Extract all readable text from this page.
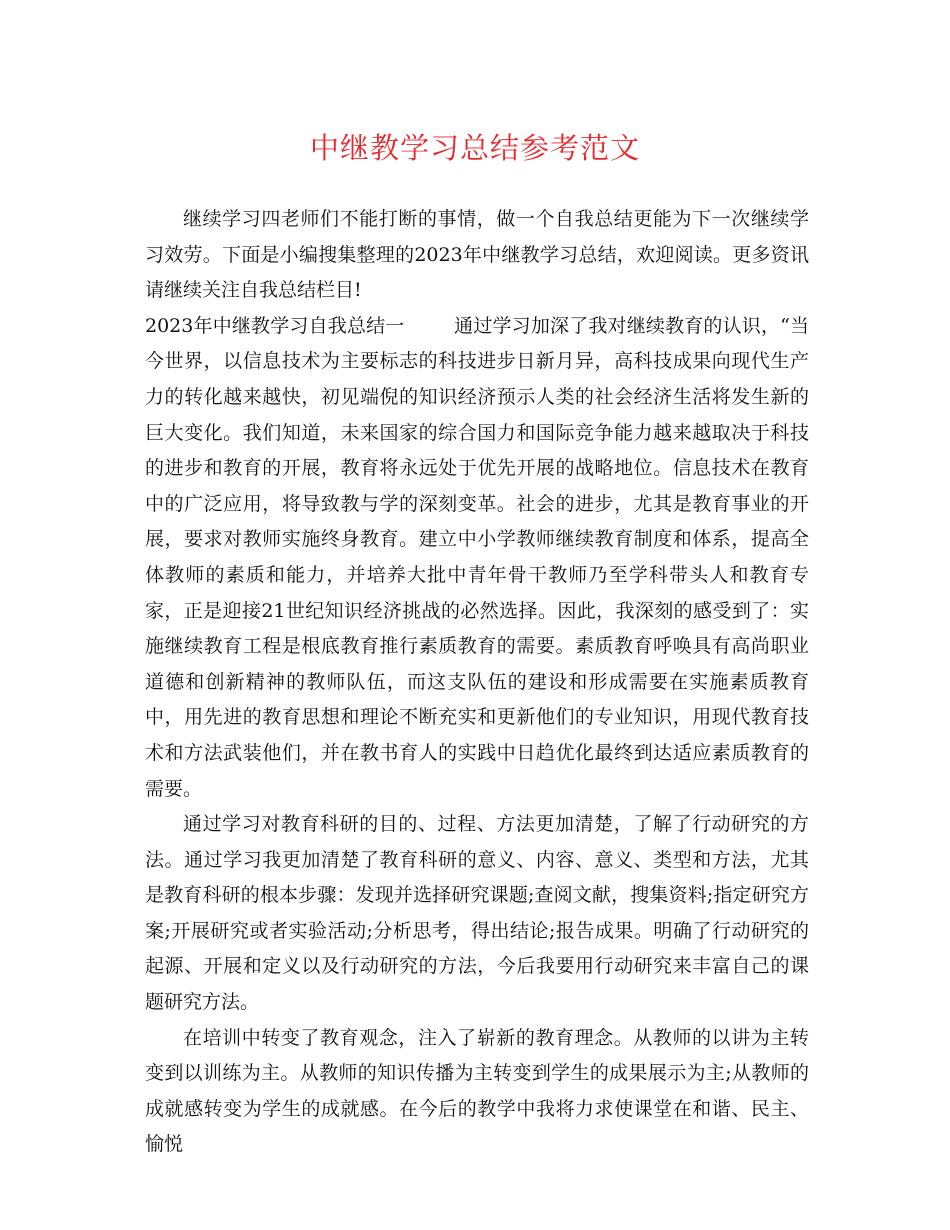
中继教学习总结参考范文

继续学习四老师们不能打断的事情，做一个自我总结更能为下一次继续学习效劳。下面是小编搜集整理的2023年中继教学习总结，欢迎阅读。更多资讯请继续关注自我总结栏目!

2023年中继教学习自我总结一        通过学习加深了我对继续教育的认识，“当今世界，以信息技术为主要标志的科技进步日新月异，高科技成果向现代生产力的转化越来越快，初见端倪的知识经济预示人类的社会经济生活将发生新的巨大变化。我们知道，未来国家的综合国力和国际竞争能力越来越取决于科技的进步和教育的开展，教育将永远处于优先开展的战略地位。信息技术在教育中的广泛应用，将导致教与学的深刻变革。社会的进步，尤其是教育事业的开展，要求对教师实施终身教育。建立中小学教师继续教育制度和体系，提高全体教师的素质和能力，并培养大批中青年骨干教师乃至学科带头人和教育专家，正是迎接21世纪知识经济挑战的必然选择。因此，我深刻的感受到了：实施继续教育工程是根底教育推行素质教育的需要。素质教育呼唤具有高尚职业道德和创新精神的教师队伍，而这支队伍的建设和形成需要在实施素质教育中，用先进的教育思想和理论不断充实和更新他们的专业知识，用现代教育技术和方法武装他们，并在教书育人的实践中日趋优化最终到达适应素质教育的需要。

通过学习对教育科研的目的、过程、方法更加清楚，了解了行动研究的方法。通过学习我更加清楚了教育科研的意义、内容、意义、类型和方法，尤其是教育科研的根本步骤：发现并选择研究课题;查阅文献，搜集资料;指定研究方案;开展研究或者实验活动;分析思考，得出结论;报告成果。明确了行动研究的起源、开展和定义以及行动研究的方法，今后我要用行动研究来丰富自己的课题研究方法。

在培训中转变了教育观念，注入了崭新的教育理念。从教师的以讲为主转变到以训练为主。从教师的知识传播为主转变到学生的成果展示为主;从教师的成就感转变为学生的成就感。在今后的教学中我将力求使课堂在和谐、民主、愉悦
